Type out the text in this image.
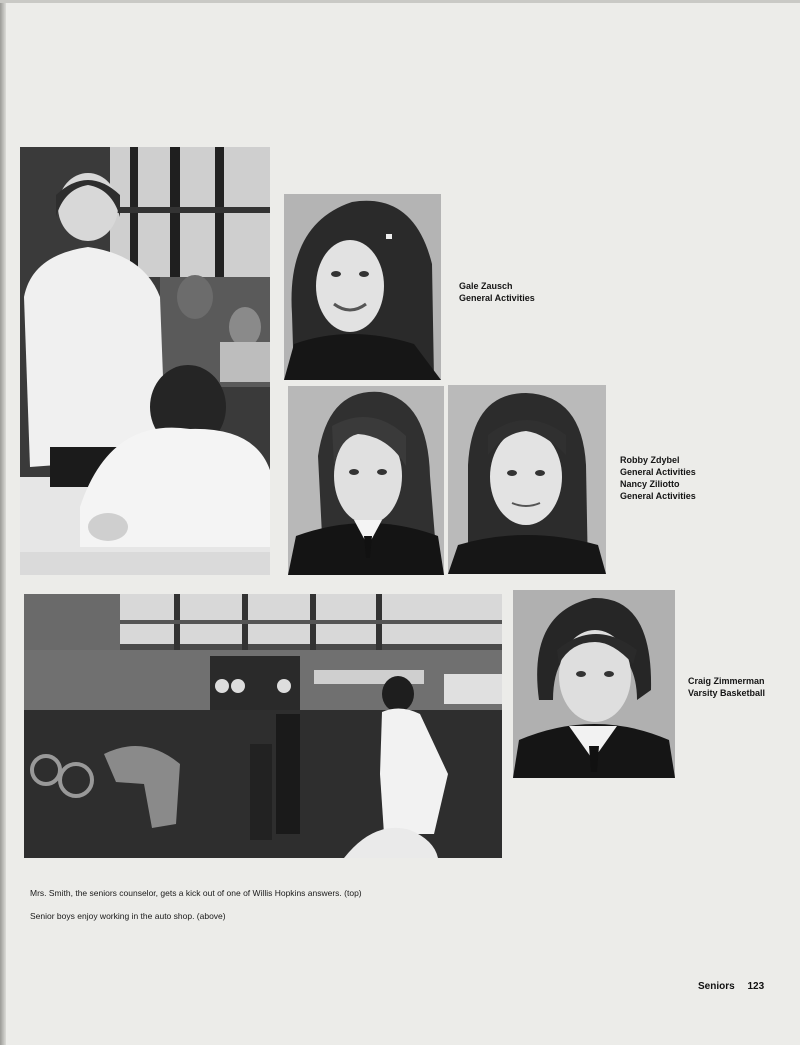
Gale Zausch
General Activities
Robby Zdybel
General Activities
Nancy Ziliotto
General Activities
Craig Zimmerman
Varsity Basketball
Mrs. Smith, the seniors counselor, gets a kick out of one of Willis Hopkins answers. (top)
Senior boys enjoy working in the auto shop. (above)
Seniors 123
